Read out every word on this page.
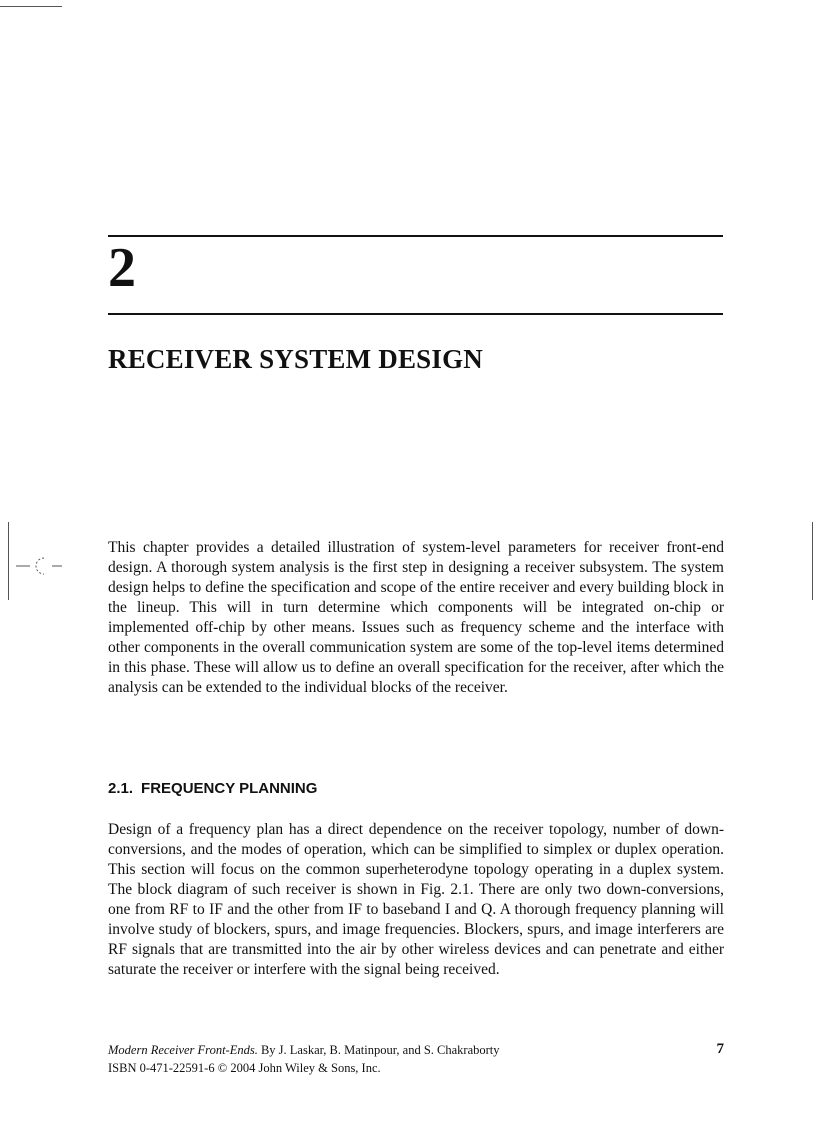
2
RECEIVER SYSTEM DESIGN

This chapter provides a detailed illustration of system-level parameters for receiver front-end design. A thorough system analysis is the first step in designing a receiver subsystem. The system design helps to define the specification and scope of the entire receiver and every building block in the lineup. This will in turn determine which components will be integrated on-chip or implemented off-chip by other means. Issues such as frequency scheme and the interface with other components in the overall communication system are some of the top-level items determined in this phase. These will allow us to define an overall specification for the receiver, after which the analysis can be extended to the individual blocks of the receiver.

2.1. FREQUENCY PLANNING

Design of a frequency plan has a direct dependence on the receiver topology, number of down-conversions, and the modes of operation, which can be simplified to simplex or duplex operation. This section will focus on the common superheterodyne topology operating in a duplex system. The block diagram of such receiver is shown in Fig. 2.1. There are only two down-conversions, one from RF to IF and the other from IF to baseband I and Q. A thorough frequency planning will involve study of blockers, spurs, and image frequencies. Blockers, spurs, and image interferers are RF signals that are transmitted into the air by other wireless devices and can penetrate and either saturate the receiver or interfere with the signal being received.

Modern Receiver Front-Ends. By J. Laskar, B. Matinpour, and S. Chakraborty	7
ISBN 0-471-22591-6 © 2004 John Wiley & Sons, Inc.
